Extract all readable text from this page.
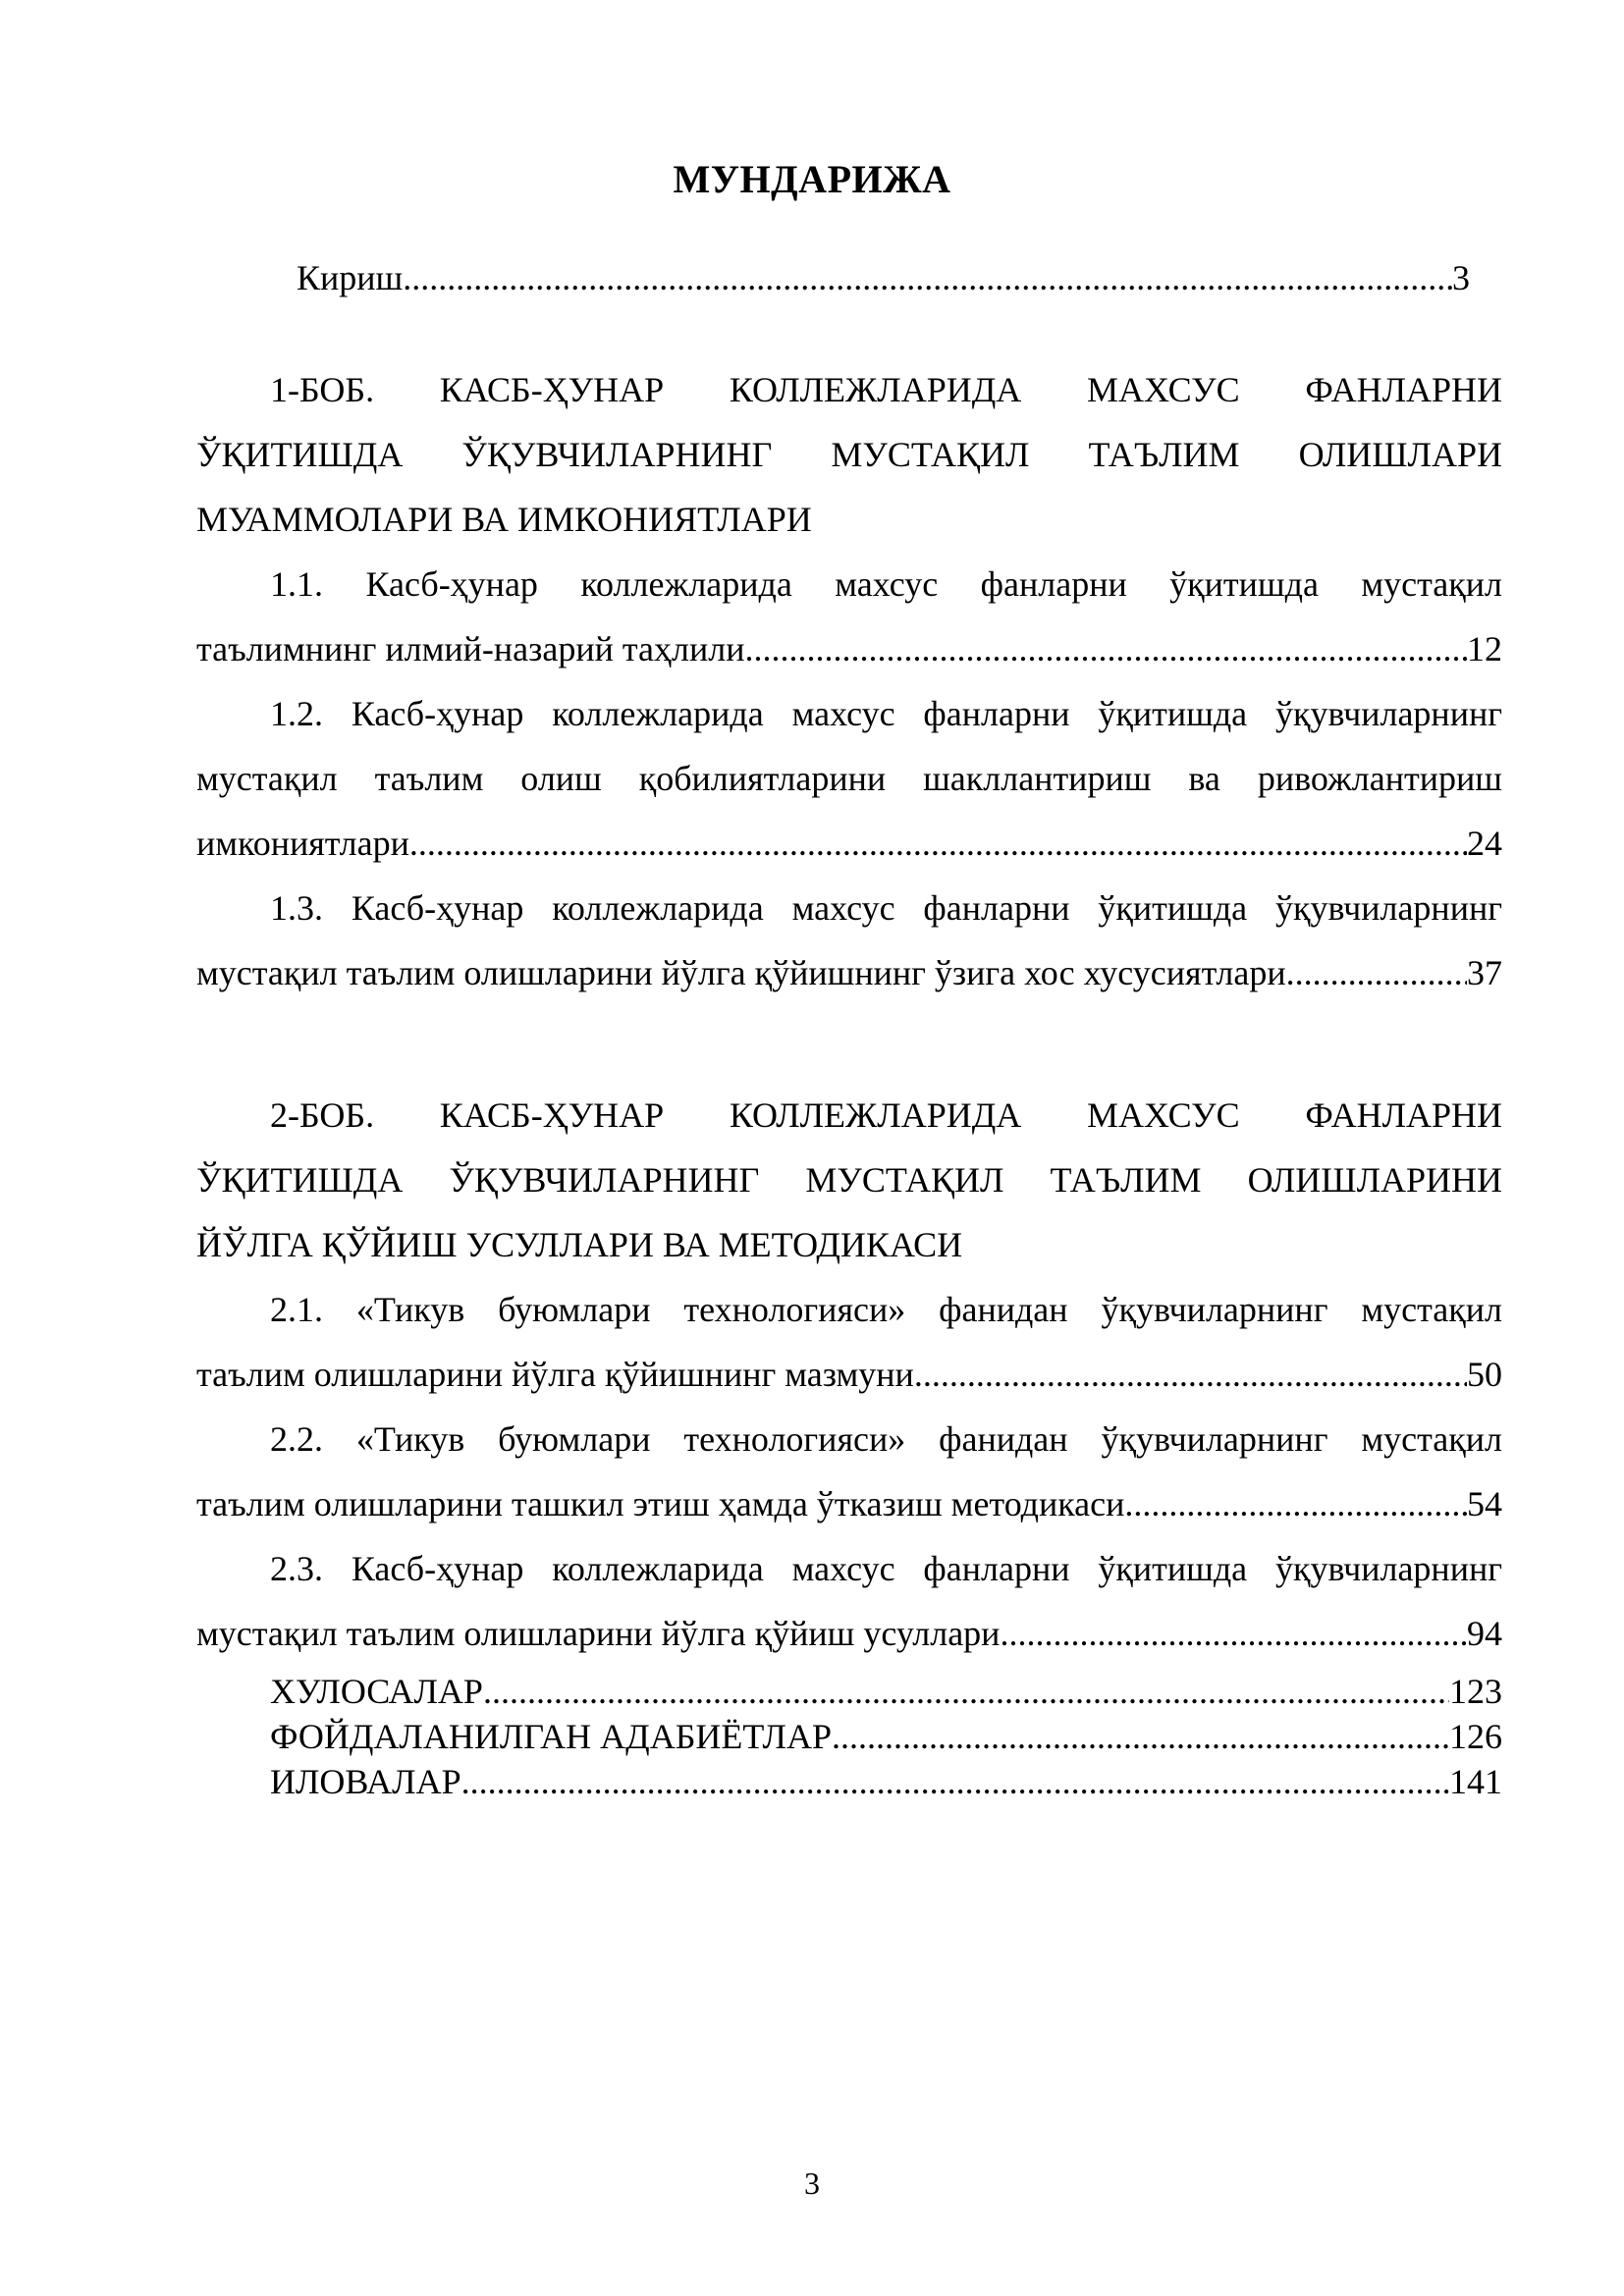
МУНДАРИЖА
Кириш .....	3
1-БОБ. КАСБ-ҲУНАР КОЛЛЕЖЛАРИДА МАХСУС ФАНЛАРНИ
ЎҚИТИШДА ЎҚУВЧИЛАРНИНГ МУСТАҚИЛ ТАЪЛИМ ОЛИШЛАРИ
МУАММОЛАРИ ВА ИМКОНИЯТЛАРИ
1.1. Касб-ҳунар коллежларида махсус фанларни ўқитишда мустақил
таълимнинг илмий-назарий таҳлили .....	12
1.2. Касб-ҳунар коллежларида махсус фанларни ўқитишда ўқувчиларнинг
мустақил таълим олиш қобилиятларини шакллантириш ва ривожлантириш
имкониятлари .....	24
1.3. Касб-ҳунар коллежларида махсус фанларни ўқитишда ўқувчиларнинг
мустақил таълим олишларини йўлга қўйишнинг ўзига хос хусусиятлари .....	37
2-БОБ. КАСБ-ҲУНАР КОЛЛЕЖЛАРИДА МАХСУС ФАНЛАРНИ
ЎҚИТИШДА ЎҚУВЧИЛАРНИНГ МУСТАҚИЛ ТАЪЛИМ ОЛИШЛАРИНИ
ЙЎЛГА ҚЎЙИШ УСУЛЛАРИ ВА МЕТОДИКАСИ
2.1. «Тикув буюмлари технологияси» фанидан ўқувчиларнинг мустақил
таълим олишларини йўлга қўйишнинг мазмуни .....	50
2.2. «Тикув буюмлари технологияси» фанидан ўқувчиларнинг мустақил
таълим олишларини ташкил этиш ҳамда ўтказиш методикаси .....	54
2.3. Касб-ҳунар коллежларида махсус фанларни ўқитишда ўқувчиларнинг
мустақил таълим олишларини йўлга қўйиш усуллари .....	94
ХУЛОСАЛАР .....	123
ФОЙДАЛАНИЛГАН АДАБИЁТЛАР .....	126
ИЛОВАЛАР .....	141
3
